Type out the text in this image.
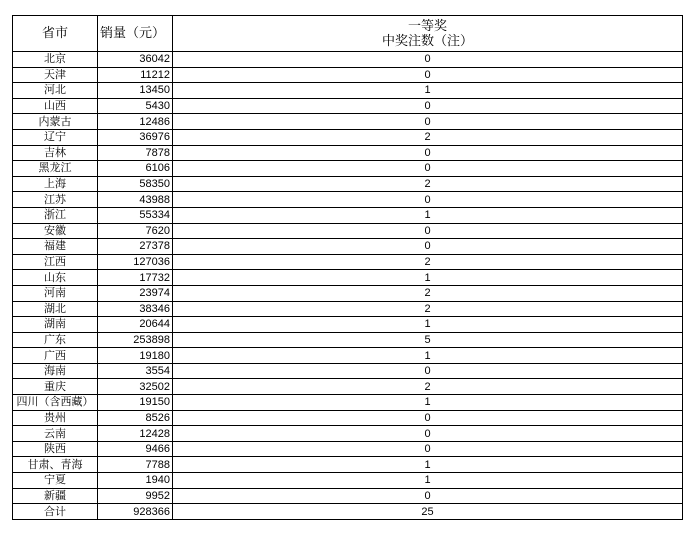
省市	销量（元）	一等奖
中奖注数（注）

北京	36042	0
天津	11212	0
河北	13450	1
山西	5430	0
内蒙古	12486	0
辽宁	36976	2
吉林	7878	0
黑龙江	6106	0
上海	58350	2
江苏	43988	0
浙江	55334	1
安徽	7620	0
福建	27378	0
江西	127036	2
山东	17732	1
河南	23974	2
湖北	38346	2
湖南	20644	1
广东	253898	5
广西	19180	1
海南	3554	0
重庆	32502	2
四川（含西藏）	19150	1
贵州	8526	0
云南	12428	0
陕西	9466	0
甘肃、青海	7788	1
宁夏	1940	1
新疆	9952	0
合计	928366	25
